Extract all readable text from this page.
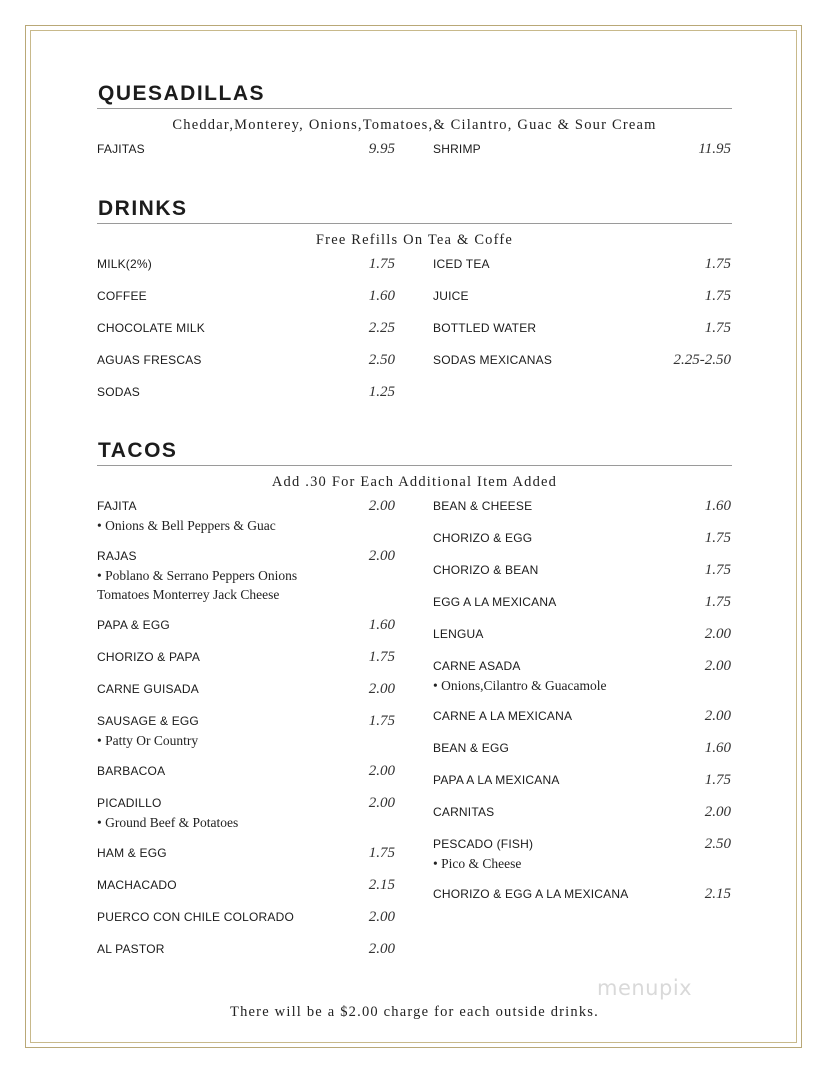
QUESADILLAS
Cheddar,Monterey, Onions,Tomatoes,& Cilantro, Guac & Sour Cream
FAJITAS	9.95	SHRIMP	11.95
DRINKS
Free Refills On Tea & Coffe
MILK(2%)	1.75
COFFEE	1.60
CHOCOLATE MILK	2.25
AGUAS FRESCAS	2.50
SODAS	1.25
ICED TEA	1.75
JUICE	1.75
BOTTLED WATER	1.75
SODAS MEXICANAS	2.25-2.50
TACOS
Add .30 For Each Additional Item Added
FAJITA	2.00
• Onions & Bell Peppers & Guac
RAJAS	2.00
• Poblano & Serrano Peppers Onions
Tomatoes Monterrey Jack Cheese
PAPA & EGG	1.60
CHORIZO & PAPA	1.75
CARNE GUISADA	2.00
SAUSAGE & EGG	1.75
• Patty Or Country
BARBACOA	2.00
PICADILLO	2.00
• Ground Beef & Potatoes
HAM & EGG	1.75
MACHACADO	2.15
PUERCO CON CHILE COLORADO	2.00
AL PASTOR	2.00
BEAN & CHEESE	1.60
CHORIZO & EGG	1.75
CHORIZO & BEAN	1.75
EGG A LA MEXICANA	1.75
LENGUA	2.00
CARNE ASADA	2.00
• Onions,Cilantro & Guacamole
CARNE A LA MEXICANA	2.00
BEAN & EGG	1.60
PAPA A LA MEXICANA	1.75
CARNITAS	2.00
PESCADO (FISH)	2.50
• Pico & Cheese
CHORIZO & EGG A LA MEXICANA	2.15
There will be a $2.00 charge for each outside drinks.
menupix
